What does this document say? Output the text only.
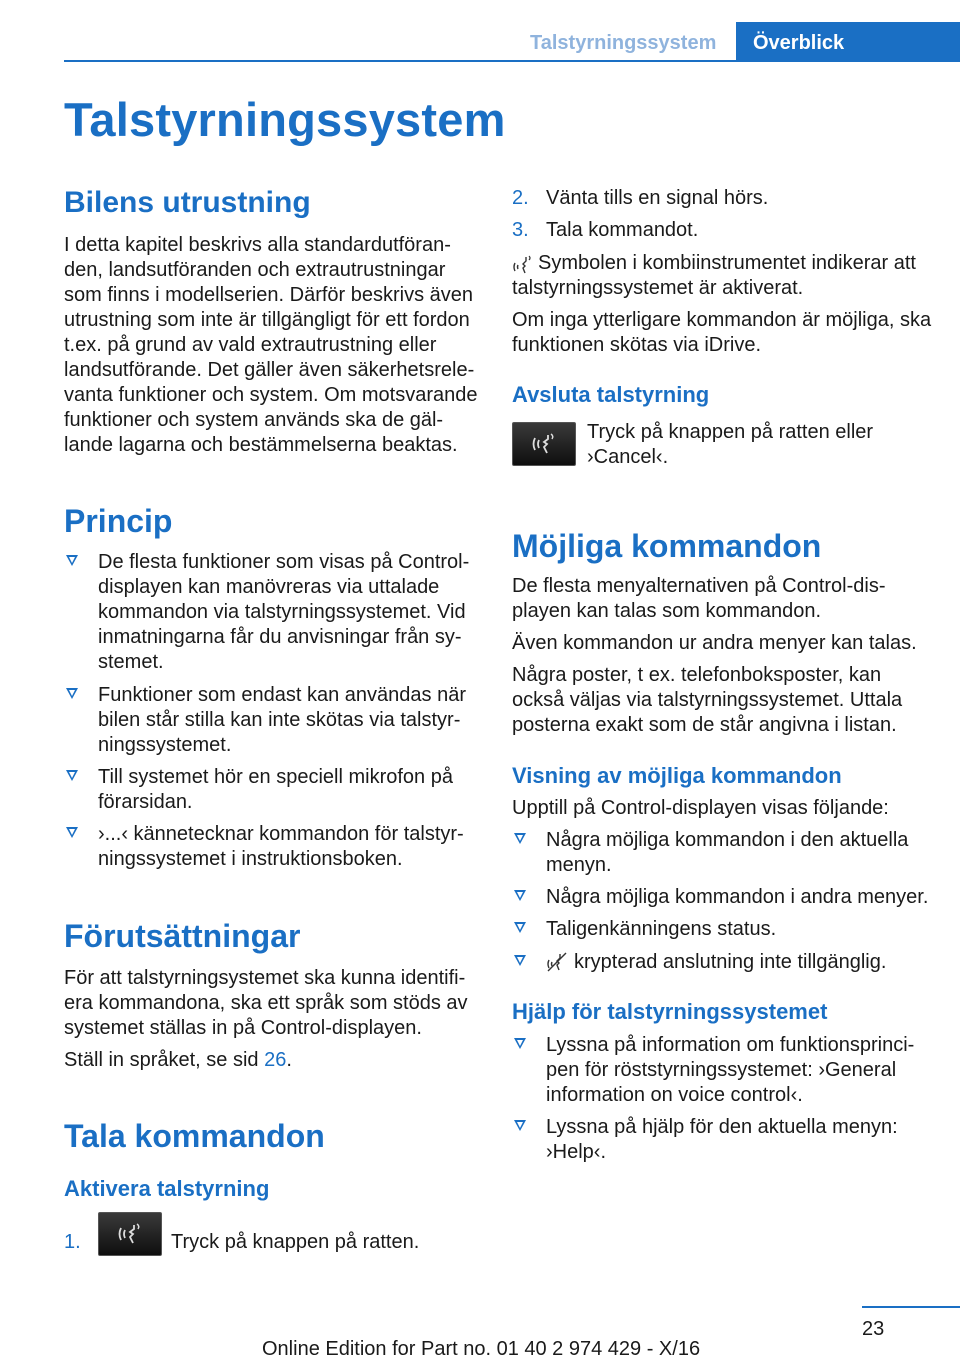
Talstyrningssystem	Överblick
Talstyrningssystem
Bilens utrustning
I detta kapitel beskrivs alla standardutföran‐
den, landsutföranden och extrautrustningar
som finns i modellserien. Därför beskrivs även
utrustning som inte är tillgängligt för ett fordon
t.ex. på grund av vald extrautrustning eller
landsutförande. Det gäller även säkerhetsrele‐
vanta funktioner och system. Om motsvarande
funktioner och system används ska de gäl‐
lande lagarna och bestämmelserna beaktas.
Princip
De flesta funktioner som visas på Control-
displayen kan manövreras via uttalade
kommandon via talstyrningssystemet. Vid
inmatningarna får du anvisningar från sy‐
stemet.
Funktioner som endast kan användas när
bilen står stilla kan inte skötas via talstyr‐
ningssystemet.
Till systemet hör en speciell mikrofon på
förarsidan.
›...‹ kännetecknar kommandon för talstyr‐
ningssystemet i instruktionsboken.
Förutsättningar
För att talstyrningsystemet ska kunna identifi‐
era kommandona, ska ett språk som stöds av
systemet ställas in på Control-displayen.
Ställ in språket, se sid 26.
Tala kommandon
Aktivera talstyrning
1.	Tryck på knappen på ratten.
2. Vänta tills en signal hörs.
3. Tala kommandot.
Symbolen i kombiinstrumentet indikerar att
talstyrningssystemet är aktiverat.
Om inga ytterligare kommandon är möjliga, ska
funktionen skötas via iDrive.
Avsluta talstyrning
Tryck på knappen på ratten eller
›Cancel‹.
Möjliga kommandon
De flesta menyalternativen på Control-dis‐
playen kan talas som kommandon.
Även kommandon ur andra menyer kan talas.
Några poster, t ex. telefonboksposter, kan
också väljas via talstyrningssystemet. Uttala
posterna exakt som de står angivna i listan.
Visning av möjliga kommandon
Upptill på Control-displayen visas följande:
Några möjliga kommandon i den aktuella
menyn.
Några möjliga kommandon i andra menyer.
Taligenkänningens status.
krypterad anslutning inte tillgänglig.
Hjälp för talstyrningssystemet
Lyssna på information om funktionsprinci‐
pen för röststyrningssystemet: ›General
information on voice control‹.
Lyssna på hjälp för den aktuella menyn:
›Help‹.
23
Online Edition for Part no. 01 40 2 974 429 - X/16
